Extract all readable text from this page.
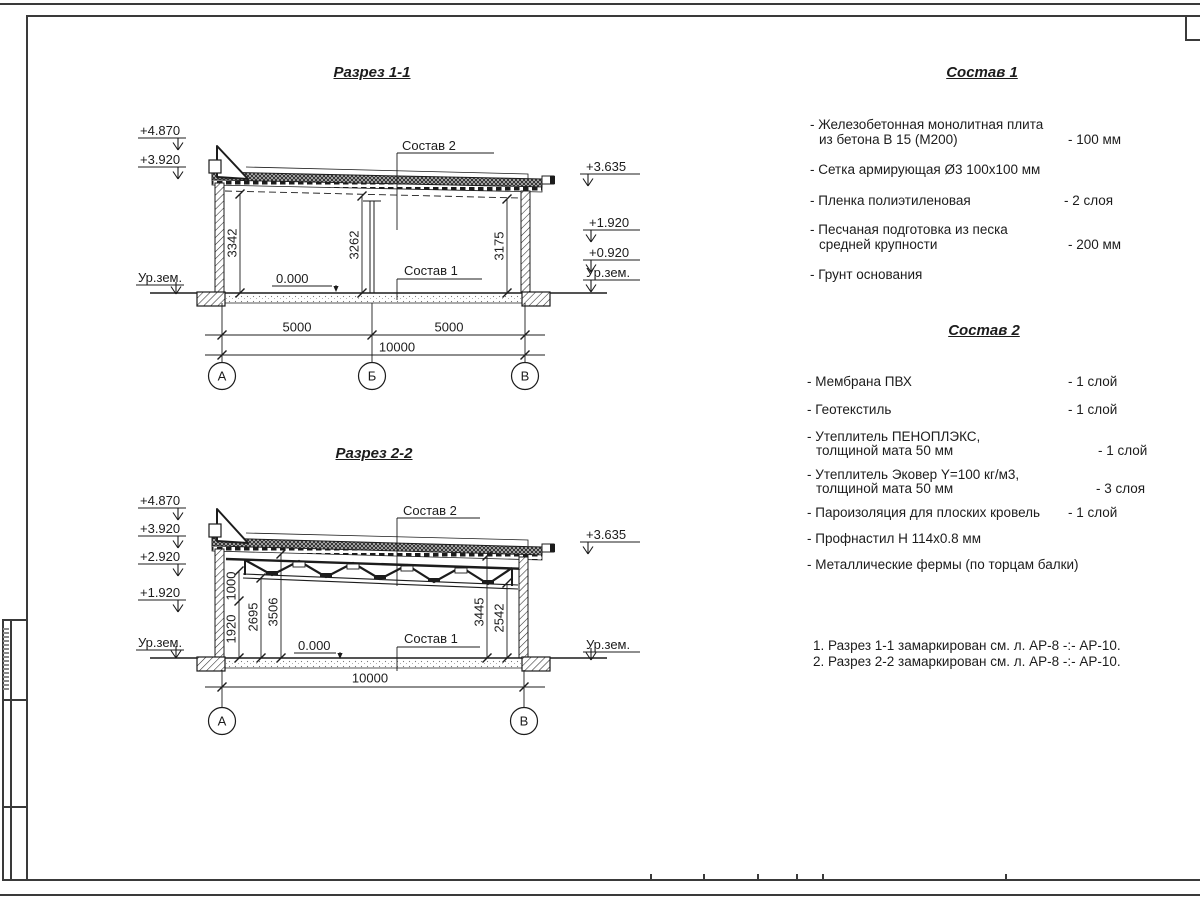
Разрез 1-1
+4.870
+3.920
Ур.зем.
+3.635
+1.920
+0.920
Ур.зем.
0.000
Состав 1
Состав 2
3342	3262	3175
5000	5000
10000
А	Б	В
Разрез 2-2
+4.870
+3.920
+2.920
+1.920
Ур.зем.
+3.635
Ур.зем.
0.000	Состав 1
Состав 2
1000
1920 2695 3506	3445 2542
10000
А	В
Состав 1
- Железобетонная монолитная плита
из бетона В 15 (М200)	- 100 мм
- Сетка армирующая Ø3 100х100 мм
- Пленка полиэтиленовая	- 2 слоя
- Песчаная подготовка из песка
средней крупности	- 200 мм
- Грунт основания
Состав 2
- Мембрана ПВХ	- 1 слой
- Геотекстиль	- 1 слой
- Утеплитель ПЕНОПЛЭКС,
толщиной мата 50 мм	- 1 слой
- Утеплитель Эковер Y=100 кг/м3,
толщиной мата 50 мм	- 3 слоя
- Пароизоляция для плоских кровель - 1 слой
- Профнастил Н 114х0.8 мм
- Металлические фермы (по торцам балки)
1. Разрез 1-1 замаркирован см. л. АР-8 -:- АР-10.
2. Разрез 2-2 замаркирован см. л. АР-8 -:- АР-10.
